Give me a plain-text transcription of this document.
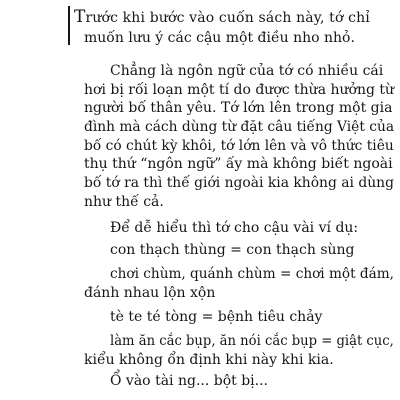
Trước khi bước vào cuốn sách này, tớ chỉ

muốn lưu ý các cậu một điều nho nhỏ.

Chẳng là ngôn ngữ của tớ có nhiều cái

hơi bị rối loạn một tí do được thừa hưởng từ

người bố thân yêu. Tớ lớn lên trong một gia

đình mà cách dùng từ đặt câu tiếng Việt của

bố có chút kỳ khôi, tớ lớn lên và vô thức tiêu

thụ thứ “ngôn ngữ” ấy mà không biết ngoài

bố tớ ra thì thế giới ngoài kia không ai dùng

như thế cả.

Để dễ hiểu thì tớ cho cậu vài ví dụ:

con thạch thùng = con thạch sùng

chơi chùm, quánh chùm = chơi một đám,

đánh nhau lộn xộn

tè te té tòng = bệnh tiêu chảy

làm ăn cắc bụp, ăn nói cắc bụp = giật cục,

kiểu không ổn định khi này khi kia.

Ổ vào tài ng... bột bị...
